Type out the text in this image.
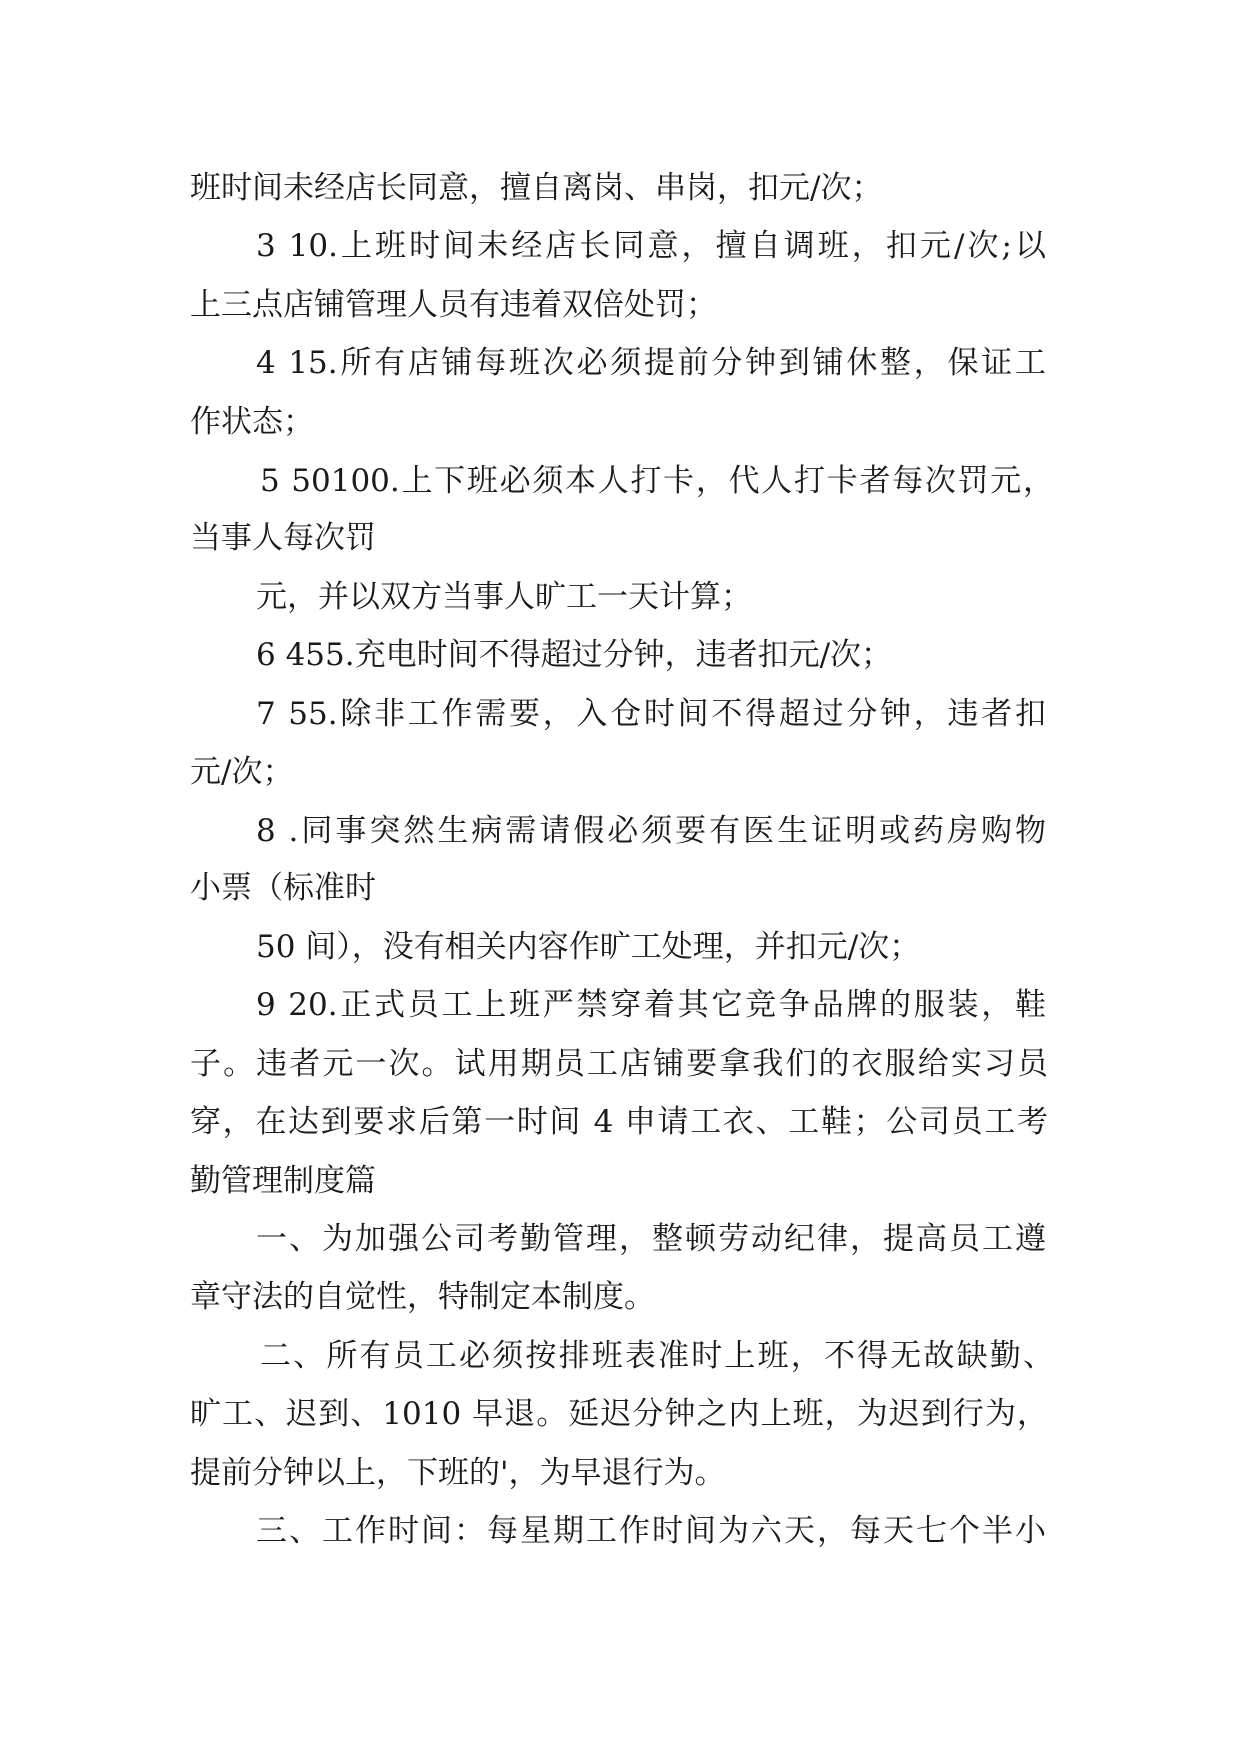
班时间未经店长同意，擅自离岗、串岗，扣元/次；
3 10.上班时间未经店长同意，擅自调班，扣元/次;以
上三点店铺管理人员有违着双倍处罚；
4 15.所有店铺每班次必须提前分钟到铺休整，保证工
作状态；
5 50100.上下班必须本人打卡，代人打卡者每次罚元，
当事人每次罚
元，并以双方当事人旷工一天计算；
6 455.充电时间不得超过分钟，违者扣元/次；
7 55.除非工作需要，入仓时间不得超过分钟，违者扣
元/次；
8 .同事突然生病需请假必须要有医生证明或药房购物
小票（标准时
50 间），没有相关内容作旷工处理，并扣元/次；
9 20.正式员工上班严禁穿着其它竞争品牌的服装，鞋
子。违者元一次。试用期员工店铺要拿我们的衣服给实习员
穿，在达到要求后第一时间 4 申请工衣、工鞋；公司员工考
勤管理制度篇
一、为加强公司考勤管理，整顿劳动纪律，提高员工遵
章守法的自觉性，特制定本制度。
二、所有员工必须按排班表准时上班，不得无故缺勤、
旷工、迟到、1010 早退。延迟分钟之内上班，为迟到行为，
提前分钟以上，下班的'，为早退行为。
三、工作时间：每星期工作时间为六天，每天七个半小
